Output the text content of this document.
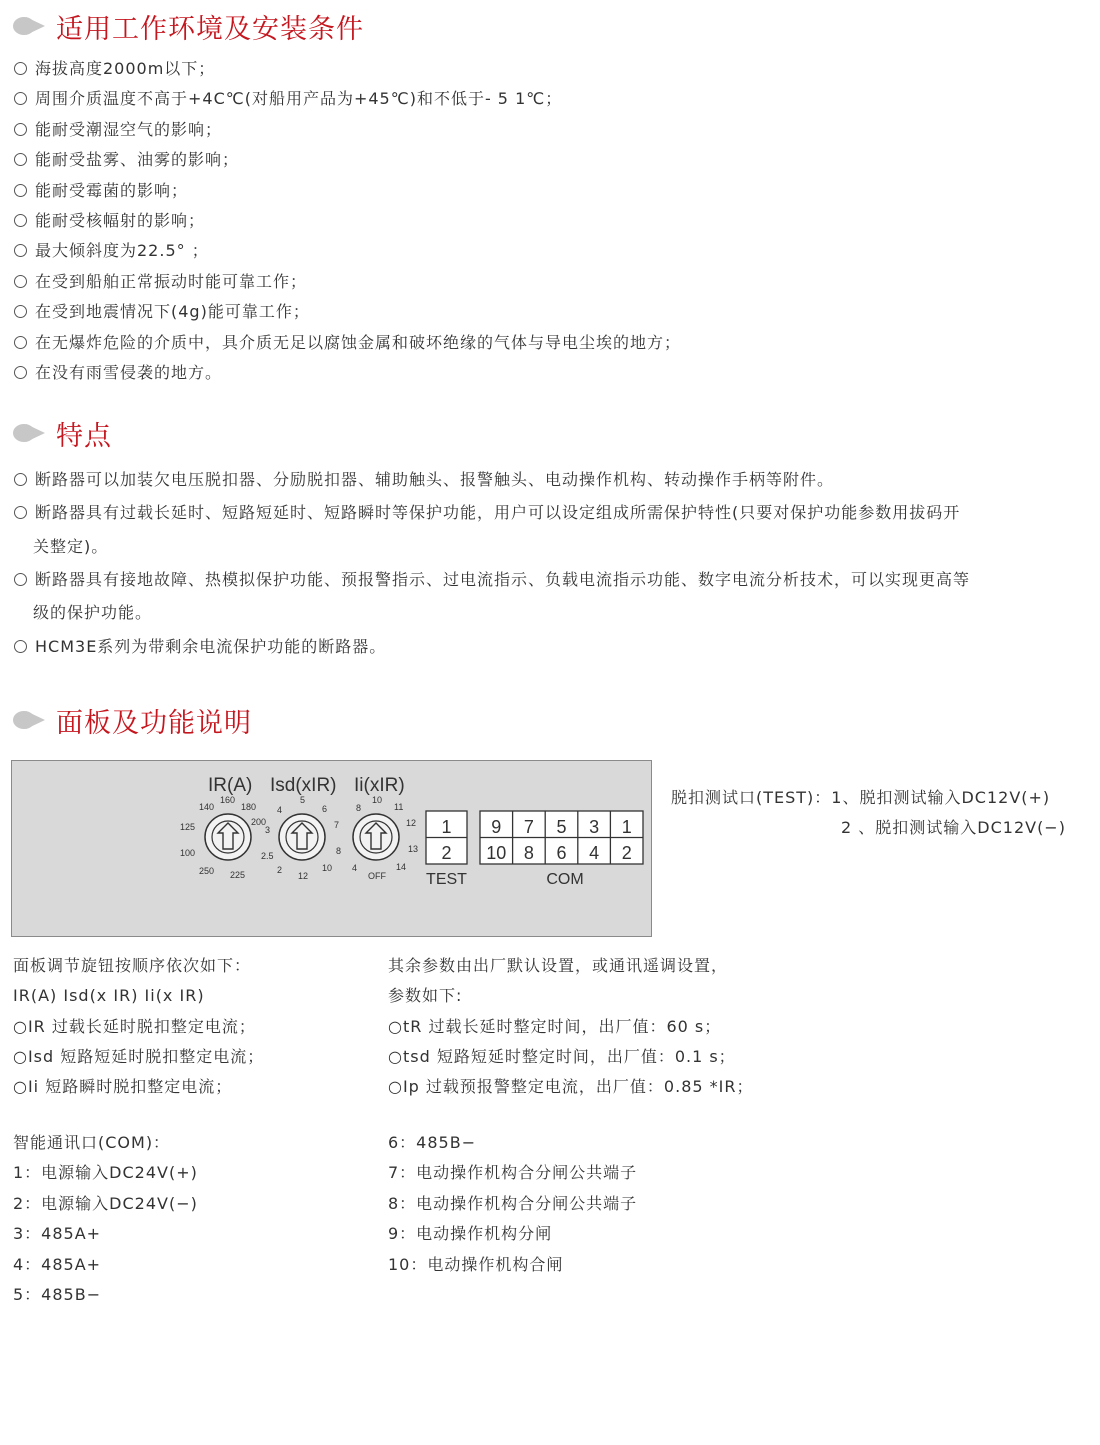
适用工作环境及安装条件
海拔高度2000m以下；
周围介质温度不高于+4C℃(对船用产品为+45℃)和不低于- 5 1℃；
能耐受潮湿空气的影响；
能耐受盐雾、油雾的影响；
能耐受霉菌的影响；
能耐受核幅射的影响；
最大倾斜度为22.5° ；
在受到船舶正常振动时能可靠工作；
在受到地震情况下(4g)能可靠工作；
在无爆炸危险的介质中，具介质无足以腐蚀金属和破坏绝缘的气体与导电尘埃的地方；
在没有雨雪侵袭的地方。
特点
断路器可以加装欠电压脱扣器、分励脱扣器、辅助触头、报警触头、电动操作机构、转动操作手柄等附件。
断路器具有过载长延时、短路短延时、短路瞬时等保护功能，用户可以设定组成所需保护特性(只要对保护功能参数用拔码开
关整定)。
断路器具有接地故障、热模拟保护功能、预报警指示、过电流指示、负载电流指示功能、数字电流分析技术，可以实现更高等
级的保护功能。
HCM3E系列为带剩余电流保护功能的断路器。
面板及功能说明
IR(A) Isd(xIR) Ii(xIR)
140
160
180
200
125
100
250 225
4
5
6
7
3
8
2.5
10
2
12
8
10
11
12
13
14
OFF
4
1
2
TEST
9 7 5 3 1
10 8 6 4 2
COM
脱扣测试口(TEST)：1、脱扣测试输入DC12V(+)
2 、脱扣测试输入DC12V(−)
面板调节旋钮按顺序依次如下：
IR(A) Isd(x IR) Ii(x IR)
○IR 过载长延时脱扣整定电流；
○Isd 短路短延时脱扣整定电流；
○Ii 短路瞬时脱扣整定电流；
其余参数由出厂默认设置，或通讯遥调设置，
参数如下:
○tR 过载长延时整定时间，出厂值：60 s；
○tsd 短路短延时整定时间，出厂值：0.1 s；
○Ip 过载预报警整定电流，出厂值：0.85 *IR；
智能通讯口(COM)：
1：电源输入DC24V(+)
2：电源输入DC24V(−)
3：485A+
4：485A+
5：485B−
6：485B−
7：电动操作机构合分闸公共端子
8：电动操作机构合分闸公共端子
9：电动操作机构分闸
10：电动操作机构合闸
